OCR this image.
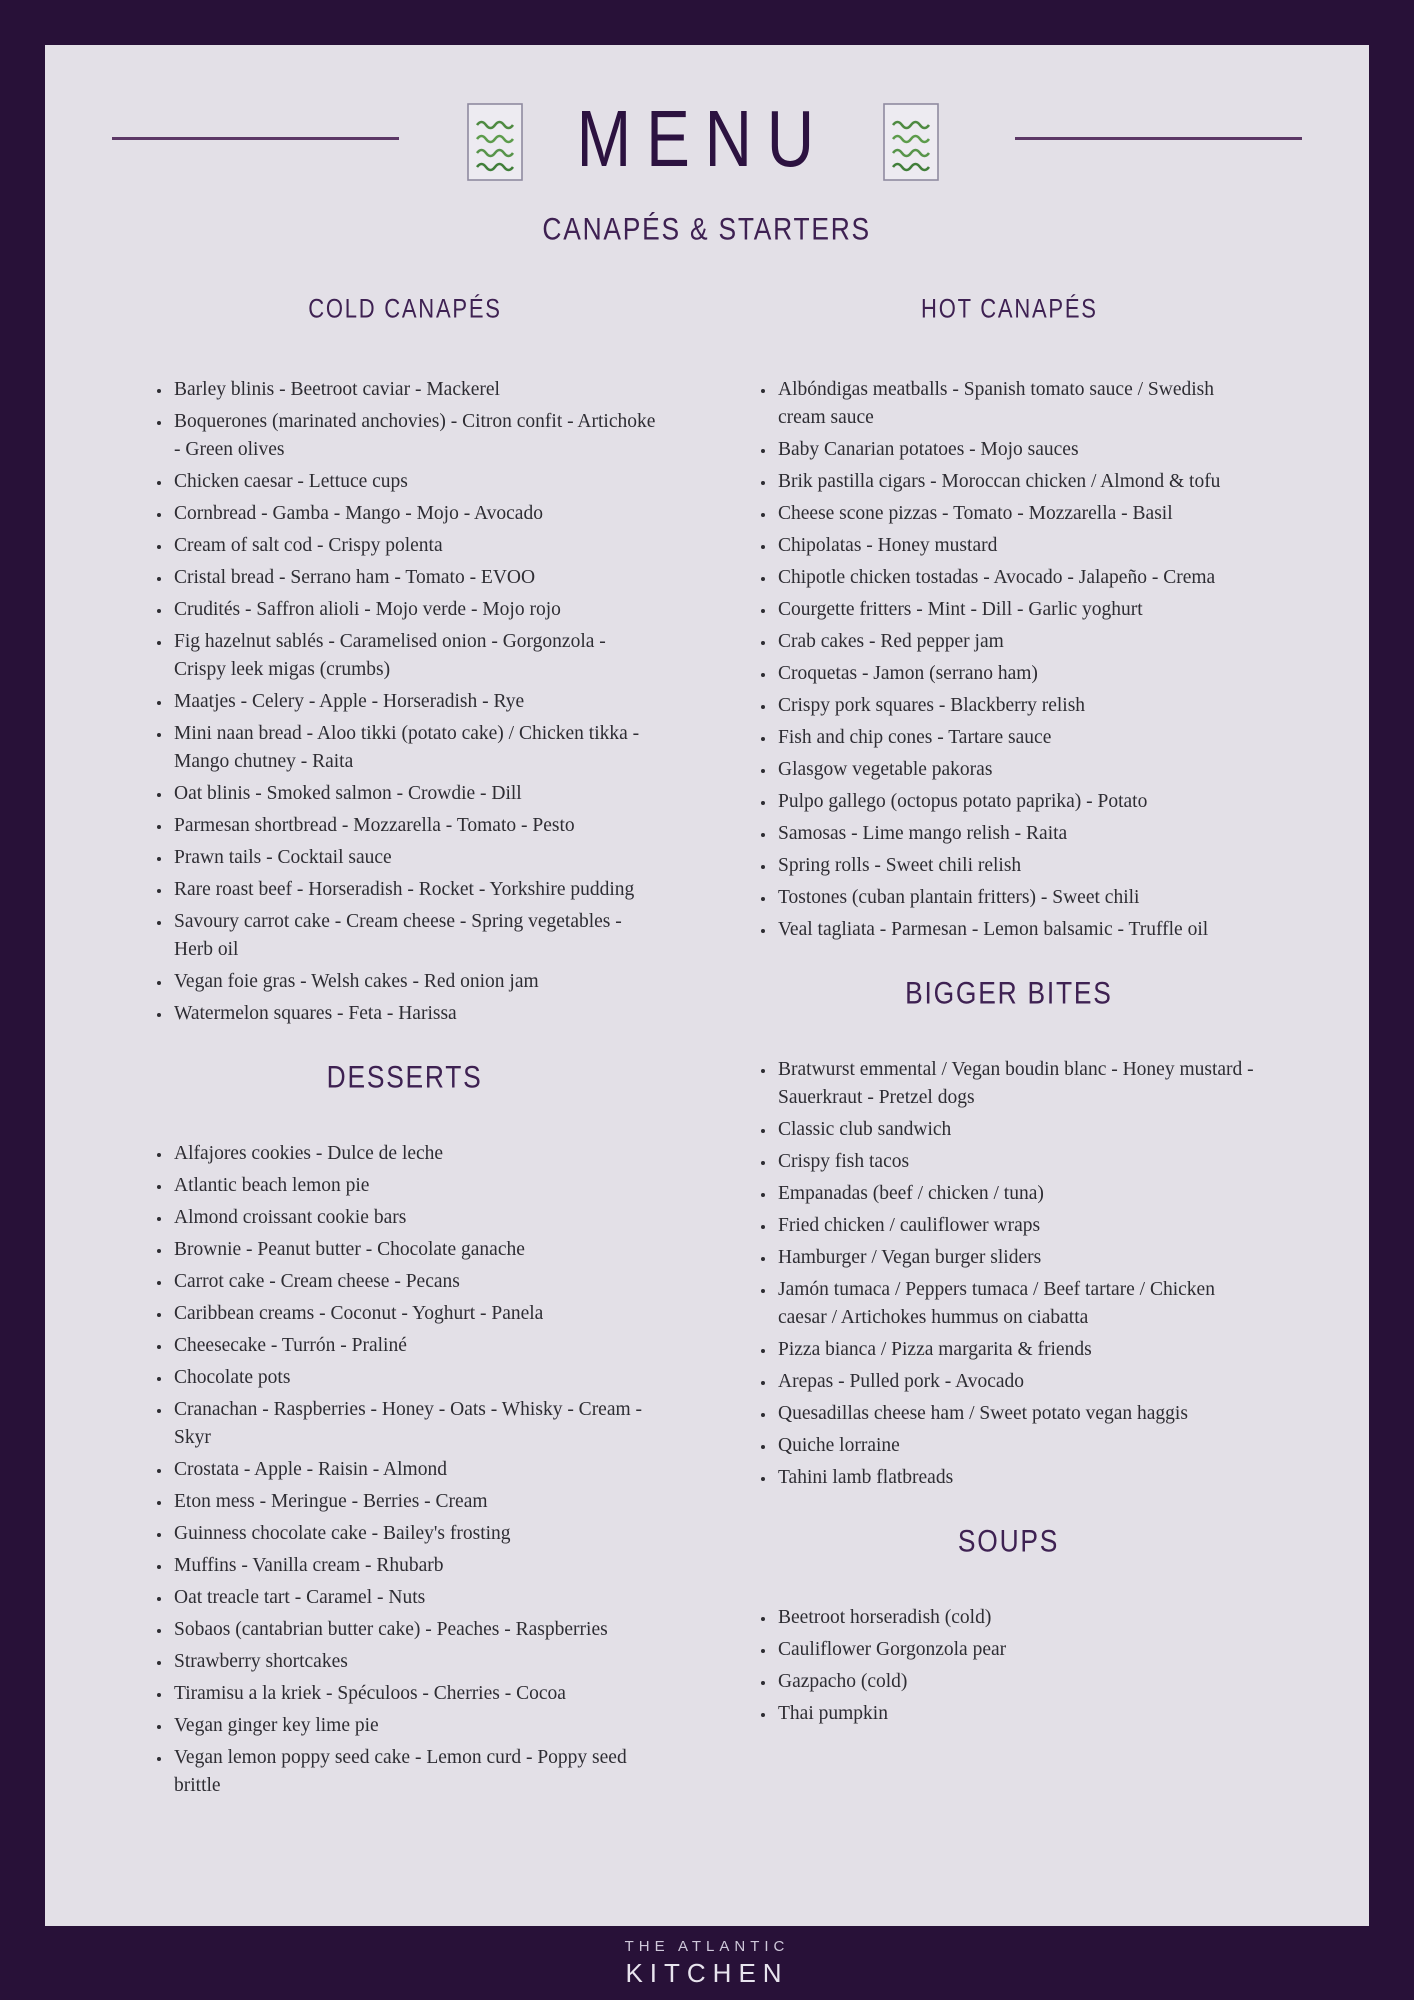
MENU
CANAPÉS & STARTERS
COLD CANAPÉS
• Barley blinis - Beetroot caviar - Mackerel
• Boquerones (marinated anchovies) - Citron confit - Artichoke - Green olives
• Chicken caesar - Lettuce cups
• Cornbread - Gamba - Mango - Mojo - Avocado
• Cream of salt cod - Crispy polenta
• Cristal bread - Serrano ham - Tomato - EVOO
• Crudités - Saffron alioli - Mojo verde - Mojo rojo
• Fig hazelnut sablés - Caramelised onion - Gorgonzola - Crispy leek migas (crumbs)
• Maatjes - Celery - Apple - Horseradish - Rye
• Mini naan bread - Aloo tikki (potato cake) / Chicken tikka - Mango chutney - Raita
• Oat blinis - Smoked salmon - Crowdie - Dill
• Parmesan shortbread - Mozzarella - Tomato - Pesto
• Prawn tails - Cocktail sauce
• Rare roast beef - Horseradish - Rocket - Yorkshire pudding
• Savoury carrot cake - Cream cheese - Spring vegetables - Herb oil
• Vegan foie gras - Welsh cakes - Red onion jam
• Watermelon squares - Feta - Harissa
DESSERTS
• Alfajores cookies - Dulce de leche
• Atlantic beach lemon pie
• Almond croissant cookie bars
• Brownie - Peanut butter - Chocolate ganache
• Carrot cake - Cream cheese - Pecans
• Caribbean creams - Coconut - Yoghurt - Panela
• Cheesecake - Turrón - Praliné
• Chocolate pots
• Cranachan - Raspberries - Honey - Oats - Whisky - Cream - Skyr
• Crostata - Apple - Raisin - Almond
• Eton mess - Meringue - Berries - Cream
• Guinness chocolate cake - Bailey's frosting
• Muffins - Vanilla cream - Rhubarb
• Oat treacle tart - Caramel - Nuts
• Sobaos (cantabrian butter cake) - Peaches - Raspberries
• Strawberry shortcakes
• Tiramisu a la kriek - Spéculoos - Cherries - Cocoa
• Vegan ginger key lime pie
• Vegan lemon poppy seed cake - Lemon curd - Poppy seed brittle
HOT CANAPÉS
• Albóndigas meatballs - Spanish tomato sauce / Swedish cream sauce
• Baby Canarian potatoes - Mojo sauces
• Brik pastilla cigars - Moroccan chicken / Almond & tofu
• Cheese scone pizzas - Tomato - Mozzarella - Basil
• Chipolatas - Honey mustard
• Chipotle chicken tostadas - Avocado - Jalapeño - Crema
• Courgette fritters - Mint - Dill - Garlic yoghurt
• Crab cakes - Red pepper jam
• Croquetas - Jamon (serrano ham)
• Crispy pork squares - Blackberry relish
• Fish and chip cones - Tartare sauce
• Glasgow vegetable pakoras
• Pulpo gallego (octopus potato paprika) - Potato
• Samosas - Lime mango relish - Raita
• Spring rolls - Sweet chili relish
• Tostones (cuban plantain fritters) - Sweet chili
• Veal tagliata - Parmesan - Lemon balsamic - Truffle oil
BIGGER BITES
• Bratwurst emmental / Vegan boudin blanc - Honey mustard - Sauerkraut - Pretzel dogs
• Classic club sandwich
• Crispy fish tacos
• Empanadas (beef / chicken / tuna)
• Fried chicken / cauliflower wraps
• Hamburger / Vegan burger sliders
• Jamón tumaca / Peppers tumaca / Beef tartare / Chicken caesar / Artichokes hummus on ciabatta
• Pizza bianca / Pizza margarita & friends
• Arepas - Pulled pork - Avocado
• Quesadillas cheese ham / Sweet potato vegan haggis
• Quiche lorraine
• Tahini lamb flatbreads
SOUPS
• Beetroot horseradish (cold)
• Cauliflower Gorgonzola pear
• Gazpacho (cold)
• Thai pumpkin
THE ATLANTIC
KITCHEN
